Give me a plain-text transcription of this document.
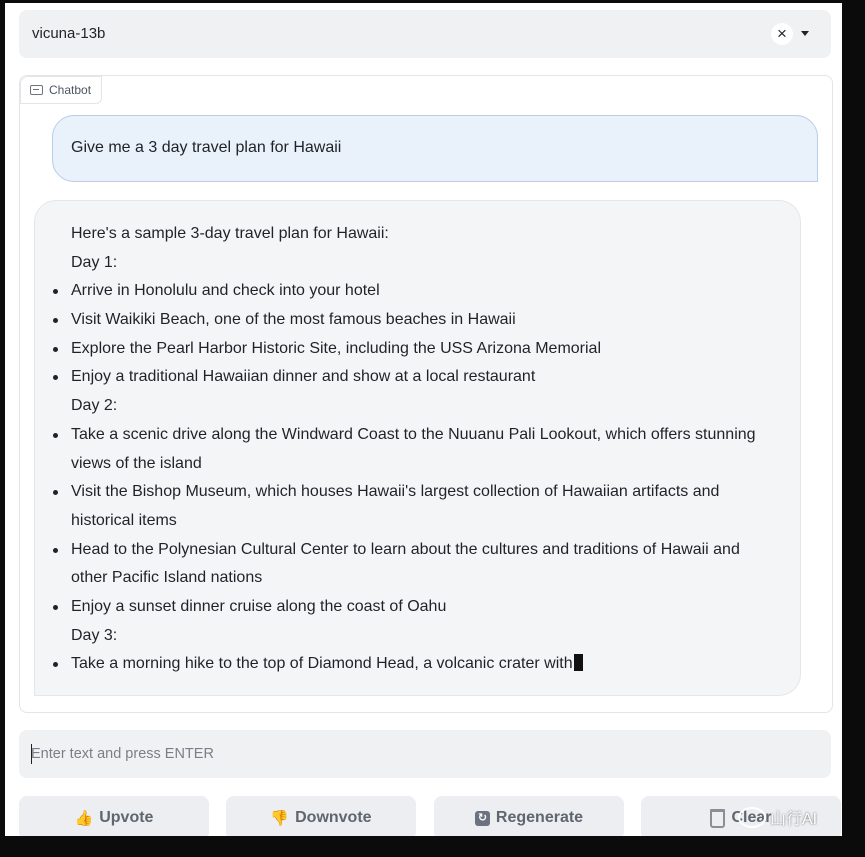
vicuna-13b	×
Chatbot
Give me a 3 day travel plan for Hawaii
Here's a sample 3-day travel plan for Hawaii:
Day 1:
Arrive in Honolulu and check into your hotel
Visit Waikiki Beach, one of the most famous beaches in Hawaii
Explore the Pearl Harbor Historic Site, including the USS Arizona Memorial
Enjoy a traditional Hawaiian dinner and show at a local restaurant
Day 2:
Take a scenic drive along the Windward Coast to the Nuuanu Pali Lookout, which offers stunning
views of the island
Visit the Bishop Museum, which houses Hawaii's largest collection of Hawaiian artifacts and
historical items
Head to the Polynesian Cultural Center to learn about the cultures and traditions of Hawaii and
other Pacific Island nations
Enjoy a sunset dinner cruise along the coast of Oahu
Day 3:
Take a morning hike to the top of Diamond Head, a volcanic crater with
Enter text and press ENTER
👍 Upvote	👎 Downvote	↻ Regenerate	Clear
山行AI
